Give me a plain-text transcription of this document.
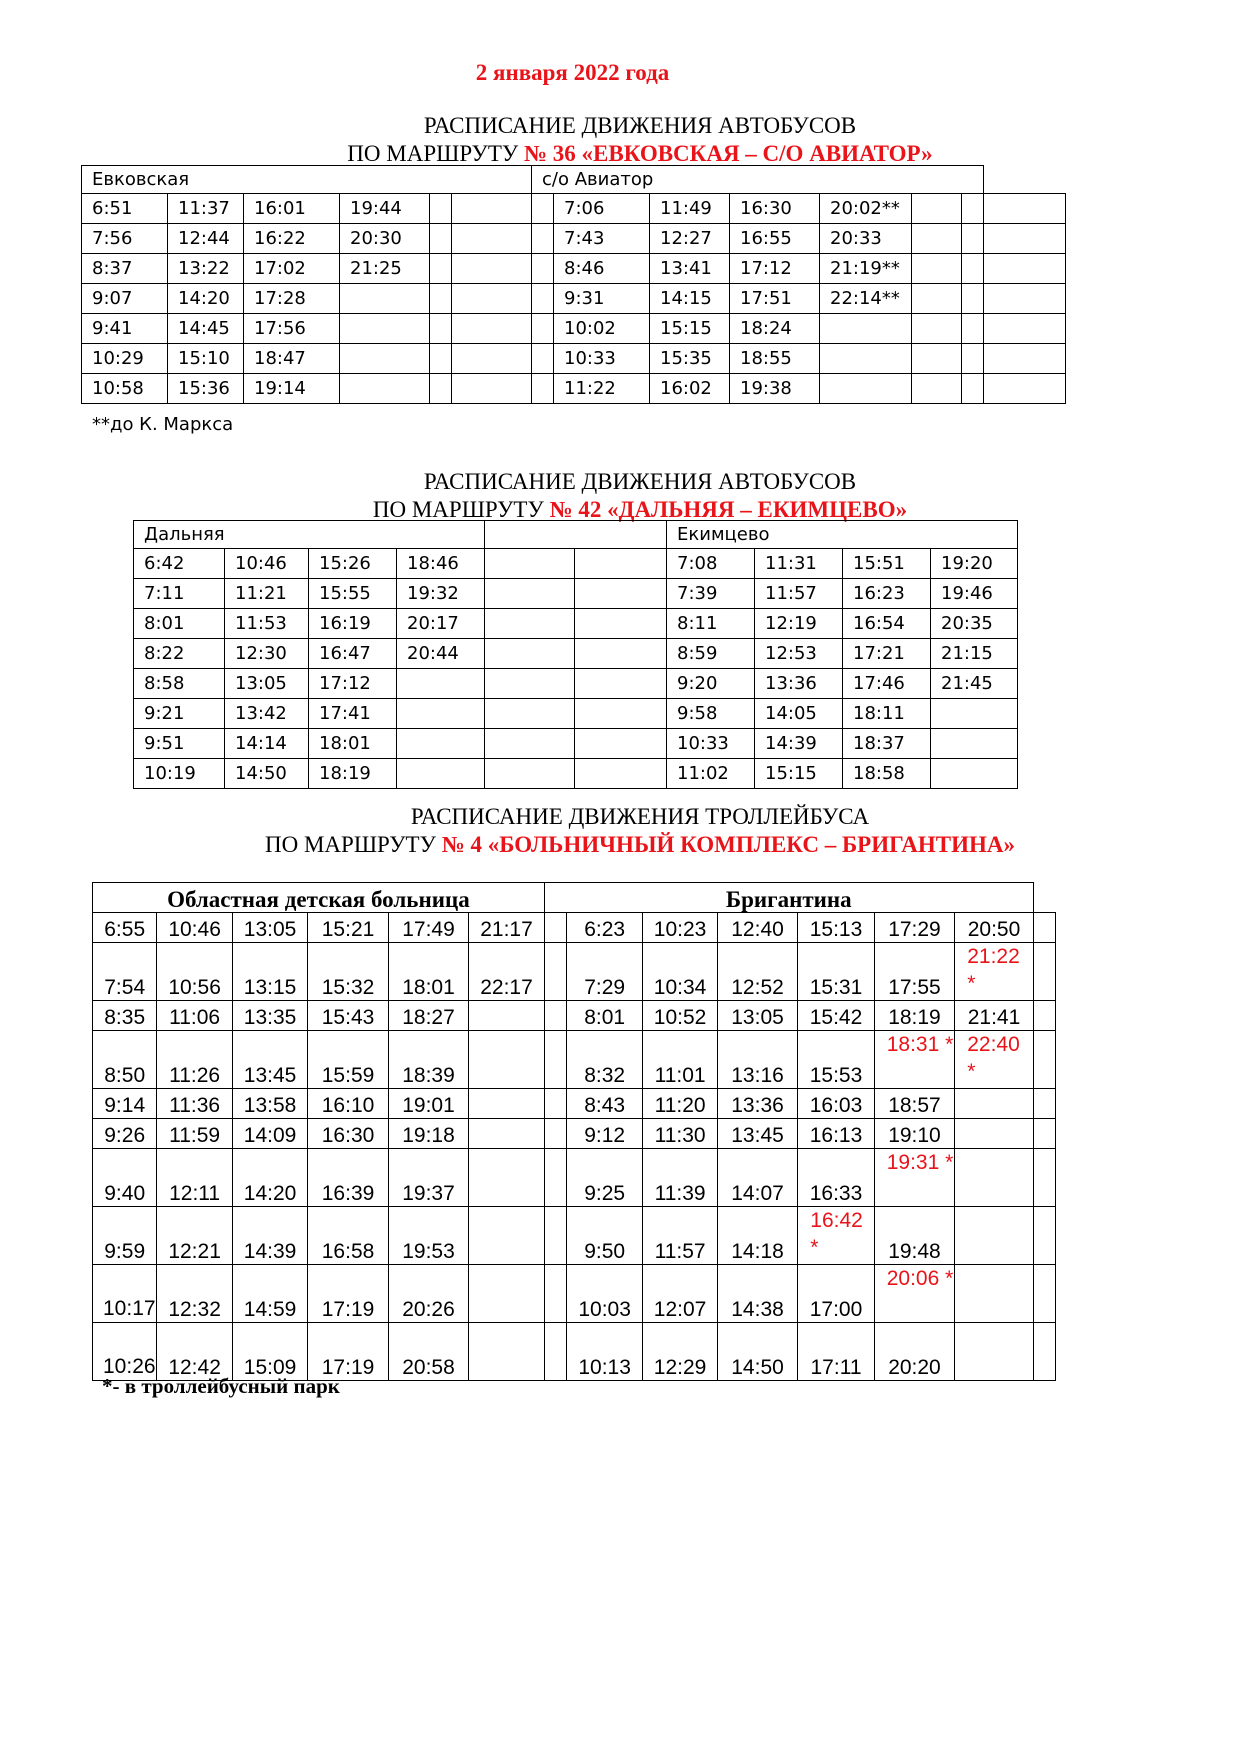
2 января 2022 года
РАСПИСАНИЕ ДВИЖЕНИЯ АВТОБУСОВ
ПО МАРШРУТУ № 36 «ЕВКОВСКАЯ – С/О АВИАТОР»
Евковская						с/о Авиатор							
6:51	11:37	16:01	19:44				7:06	11:49	16:30	20:02**			
7:56	12:44	16:22	20:30				7:43	12:27	16:55	20:33			
8:37	13:22	17:02	21:25				8:46	13:41	17:12	21:19**			
9:07	14:20	17:28					9:31	14:15	17:51	22:14**			
9:41	14:45	17:56					10:02	15:15	18:24				
10:29	15:10	18:47					10:33	15:35	18:55				
10:58	15:36	19:14					11:22	16:02	19:38				
**до К. Маркса
РАСПИСАНИЕ ДВИЖЕНИЯ АВТОБУСОВ
ПО МАРШРУТУ № 42 «ДАЛЬНЯЯ – ЕКИМЦЕВО»
Дальняя						Екимцево			
6:42	10:46	15:26	18:46			7:08	11:31	15:51	19:20
7:11	11:21	15:55	19:32			7:39	11:57	16:23	19:46
8:01	11:53	16:19	20:17			8:11	12:19	16:54	20:35
8:22	12:30	16:47	20:44			8:59	12:53	17:21	21:15
8:58	13:05	17:12				9:20	13:36	17:46	21:45
9:21	13:42	17:41				9:58	14:05	18:11	
9:51	14:14	18:01				10:33	14:39	18:37	
10:19	14:50	18:19				11:02	15:15	18:58	
РАСПИСАНИЕ ДВИЖЕНИЯ ТРОЛЛЕЙБУСА
ПО МАРШРУТУ № 4 «БОЛЬНИЧНЫЙ КОМПЛЕКС – БРИГАНТИНА»
Областная детская больница						Бригантина							
6:55	10:46	13:05	15:21	17:49	21:17		6:23	10:23	12:40	15:13	17:29	20:50	
7:54	10:56	13:15	15:32	18:01	22:17		7:29	10:34	12:52	15:31	17:55	21:22 *	
8:35	11:06	13:35	15:43	18:27			8:01	10:52	13:05	15:42	18:19	21:41	
8:50	11:26	13:45	15:59	18:39			8:32	11:01	13:16	15:53	18:31 *	22:40 *	
9:14	11:36	13:58	16:10	19:01			8:43	11:20	13:36	16:03	18:57		
9:26	11:59	14:09	16:30	19:18			9:12	11:30	13:45	16:13	19:10		
9:40	12:11	14:20	16:39	19:37			9:25	11:39	14:07	16:33	19:31 *		
9:59	12:21	14:39	16:58	19:53			9:50	11:57	14:18	16:42 *	19:48		
10:17	12:32	14:59	17:19	20:26			10:03	12:07	14:38	17:00	20:06 *		
10:26	12:42	15:09	17:19	20:58			10:13	12:29	14:50	17:11	20:20		
*- в троллейбусный парк
